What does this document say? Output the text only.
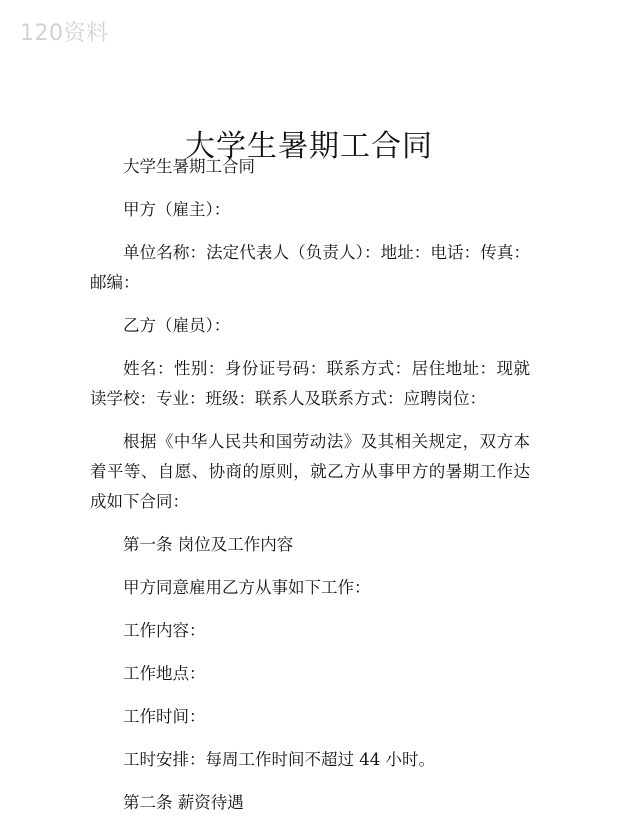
120资料
大学生暑期工合同

大学生暑期工合同

甲方（雇主）：

单位名称：法定代表人（负责人）：地址：电话：传真：邮编：

乙方（雇员）：

姓名：性别：身份证号码：联系方式：居住地址：现就读学校：专业：班级：联系人及联系方式：应聘岗位：

根据《中华人民共和国劳动法》及其相关规定，双方本着平等、自愿、协商的原则，就乙方从事甲方的暑期工作达成如下合同：

第一条 岗位及工作内容

甲方同意雇用乙方从事如下工作：

工作内容：

工作地点：

工作时间：

工时安排：每周工作时间不超过 44 小时。

第二条 薪资待遇
